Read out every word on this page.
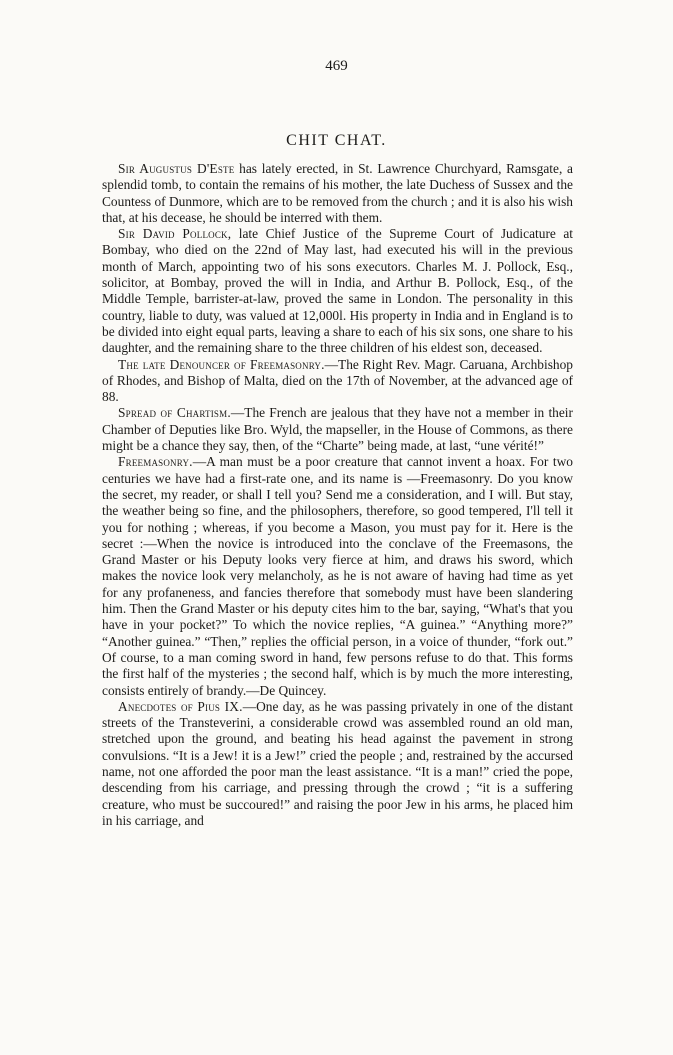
469
CHIT CHAT.

Sir Augustus D'Este has lately erected, in St. Lawrence Churchyard, Ramsgate, a splendid tomb, to contain the remains of his mother, the late Duchess of Sussex and the Countess of Dunmore, which are to be removed from the church ; and it is also his wish that, at his decease, he should be interred with them.

Sir David Pollock, late Chief Justice of the Supreme Court of Judicature at Bombay, who died on the 22nd of May last, had executed his will in the previous month of March, appointing two of his sons executors. Charles M. J. Pollock, Esq., solicitor, at Bombay, proved the will in India, and Arthur B. Pollock, Esq., of the Middle Temple, barrister-at-law, proved the same in London. The personality in this country, liable to duty, was valued at 12,000l. His property in India and in England is to be divided into eight equal parts, leaving a share to each of his six sons, one share to his daughter, and the remaining share to the three children of his eldest son, deceased.

The late Denouncer of Freemasonry.—The Right Rev. Magr. Caruana, Archbishop of Rhodes, and Bishop of Malta, died on the 17th of November, at the advanced age of 88.

Spread of Chartism.—The French are jealous that they have not a member in their Chamber of Deputies like Bro. Wyld, the mapseller, in the House of Commons, as there might be a chance they say, then, of the “Charte” being made, at last, “une vérité!”

Freemasonry.—A man must be a poor creature that cannot invent a hoax. For two centuries we have had a first-rate one, and its name is —Freemasonry. Do you know the secret, my reader, or shall I tell you? Send me a consideration, and I will. But stay, the weather being so fine, and the philosophers, therefore, so good tempered, I'll tell it you for nothing ; whereas, if you become a Mason, you must pay for it. Here is the secret :—When the novice is introduced into the conclave of the Freemasons, the Grand Master or his Deputy looks very fierce at him, and draws his sword, which makes the novice look very melancholy, as he is not aware of having had time as yet for any profaneness, and fancies therefore that somebody must have been slandering him. Then the Grand Master or his deputy cites him to the bar, saying, “What's that you have in your pocket?” To which the novice replies, “A guinea.” “Anything more?” “Another guinea.” “Then,” replies the official person, in a voice of thunder, “fork out.” Of course, to a man coming sword in hand, few persons refuse to do that. This forms the first half of the mysteries ; the second half, which is by much the more interesting, consists entirely of brandy.—De Quincey.

Anecdotes of Pius IX.—One day, as he was passing privately in one of the distant streets of the Transteverini, a considerable crowd was assembled round an old man, stretched upon the ground, and beating his head against the pavement in strong convulsions. “It is a Jew! it is a Jew!” cried the people ; and, restrained by the accursed name, not one afforded the poor man the least assistance. “It is a man!” cried the pope, descending from his carriage, and pressing through the crowd ; “it is a suffering creature, who must be succoured!” and raising the poor Jew in his arms, he placed him in his carriage, and
